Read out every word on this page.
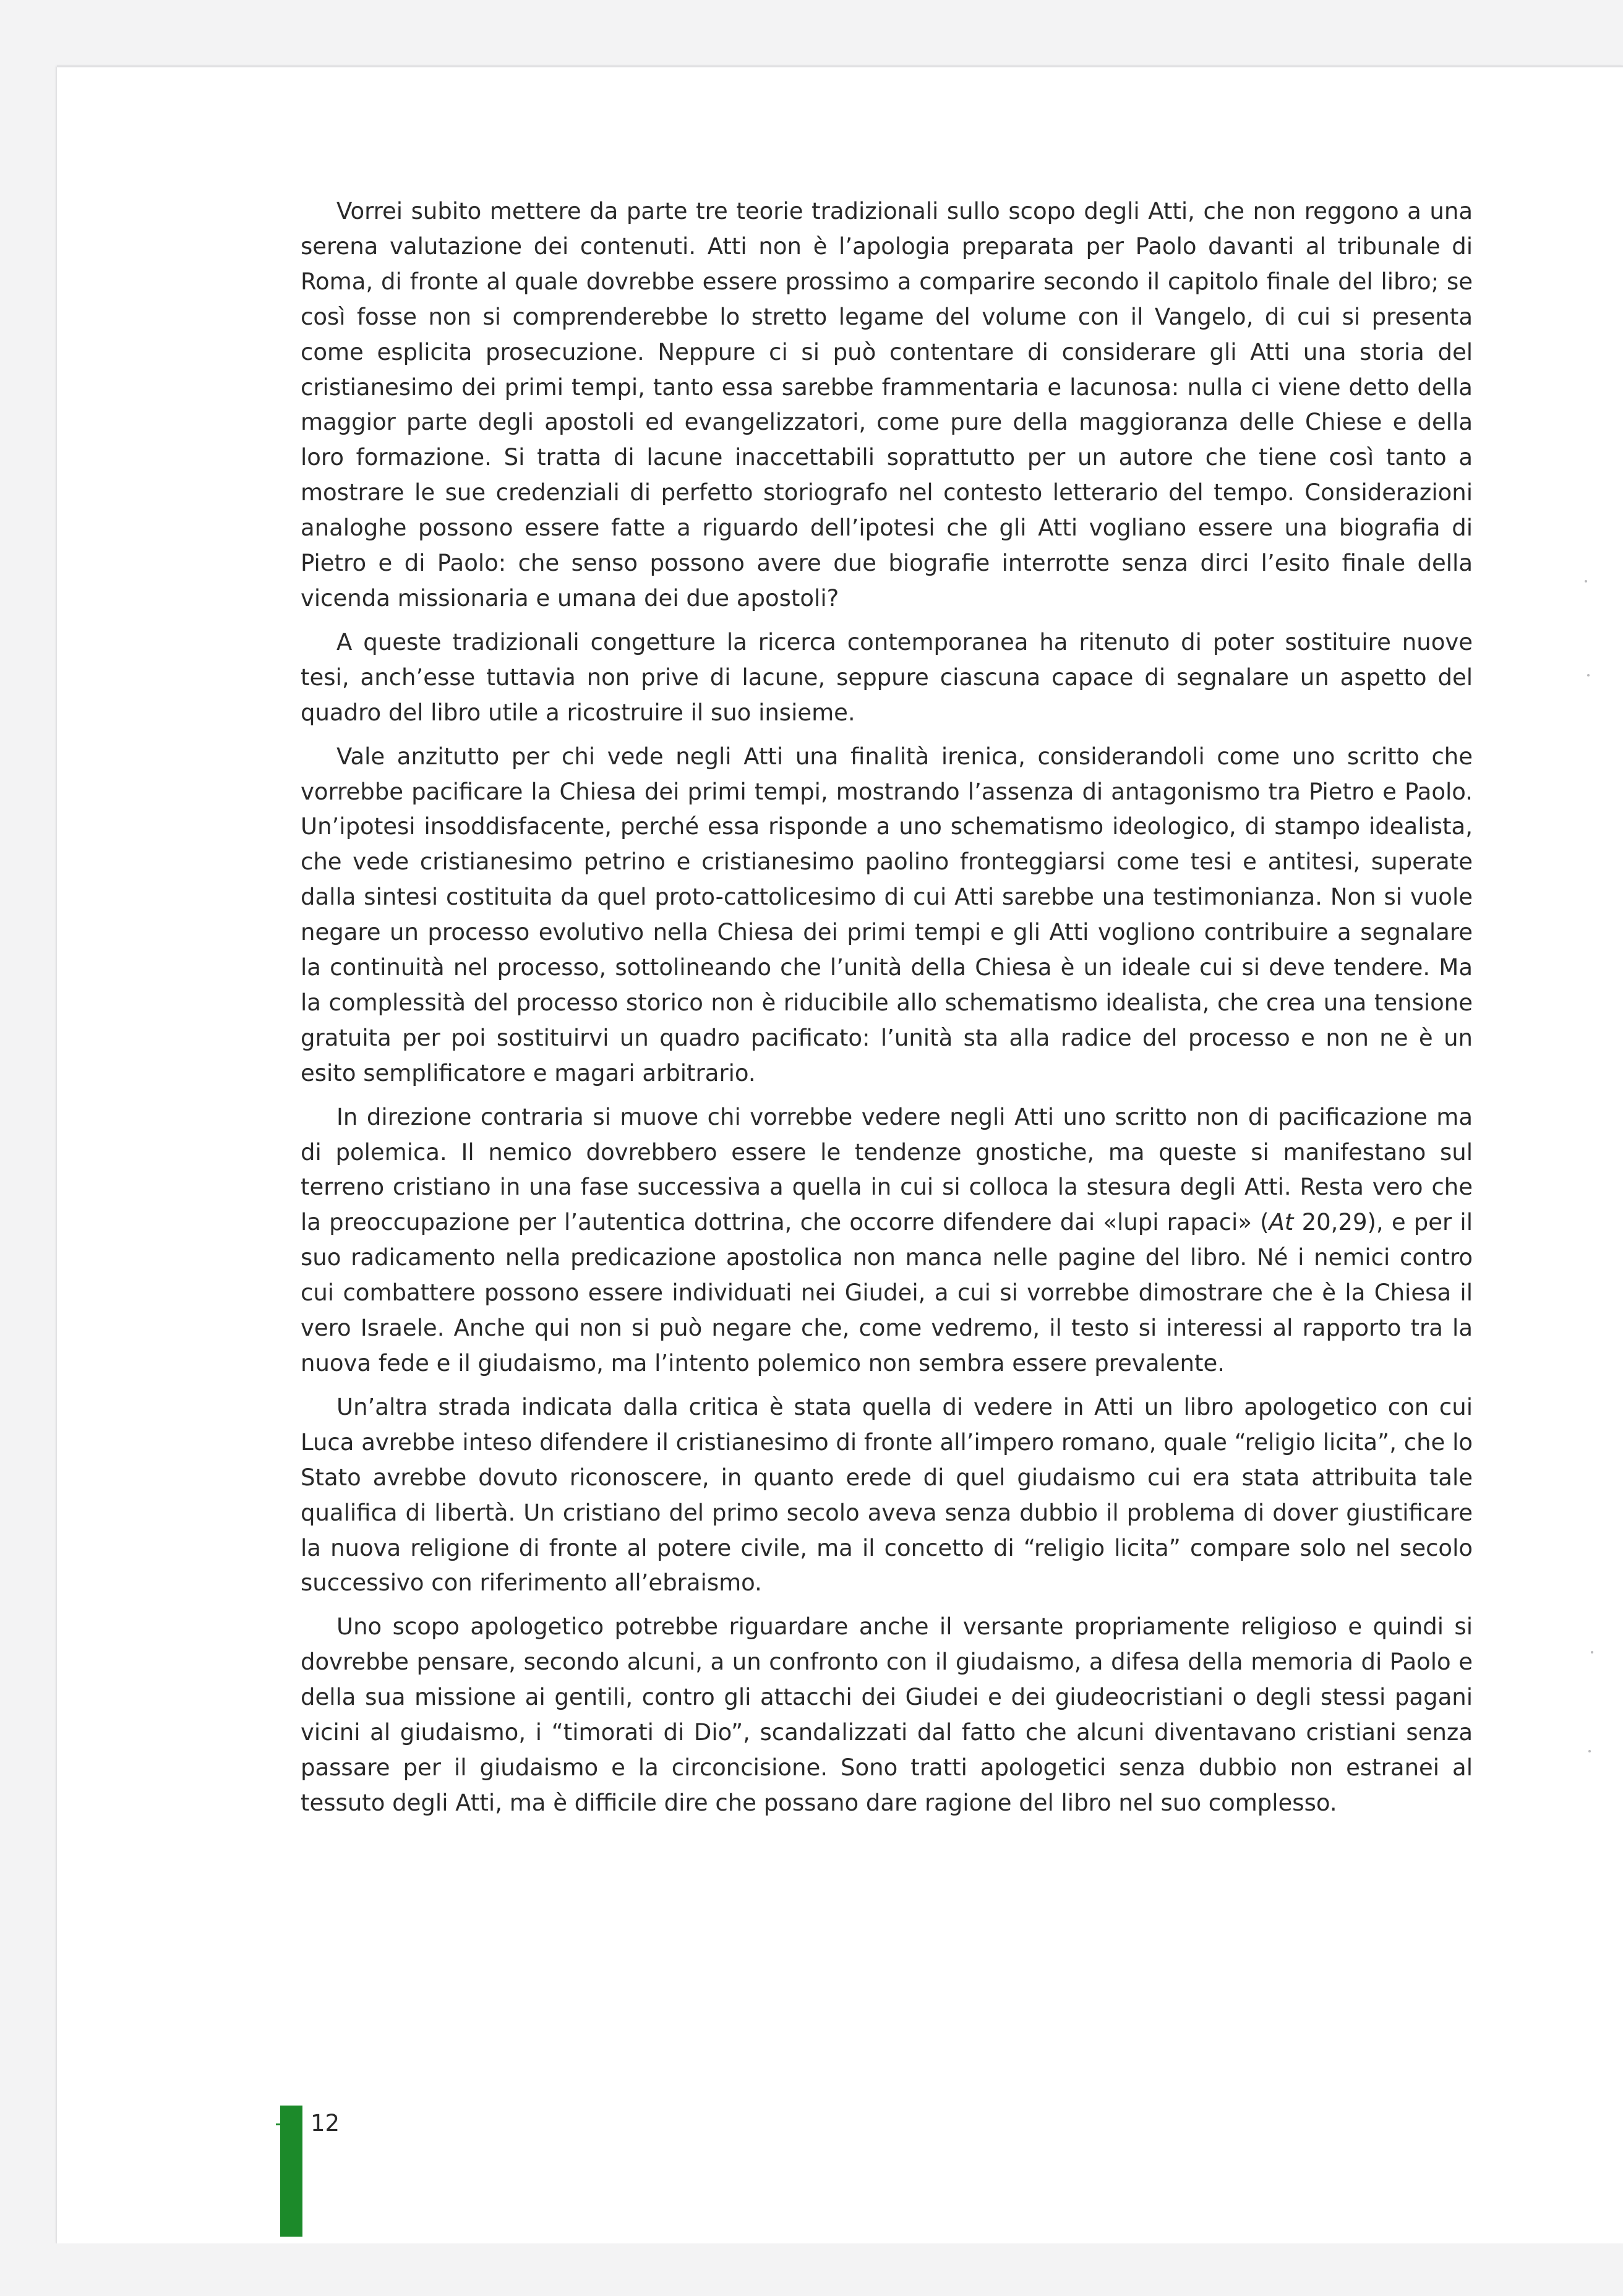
Vorrei subito mettere da parte tre teorie tradizionali sullo scopo degli Atti, che non reggono a una serena valutazione dei contenuti. Atti non è l’apologia preparata per Paolo davanti al tribunale di Roma, di fronte al quale dovrebbe essere prossimo a comparire secondo il capitolo finale del libro; se così fosse non si comprenderebbe lo stretto legame del volume con il Vangelo, di cui si presenta come esplicita prosecuzione. Neppure ci si può contentare di considerare gli Atti una storia del cristianesimo dei primi tempi, tanto essa sarebbe frammentaria e lacunosa: nulla ci viene detto della maggior parte degli apostoli ed evangelizzatori, come pure della maggioranza delle Chiese e della loro formazione. Si tratta di lacune inaccettabili soprattutto per un autore che tiene così tanto a mostrare le sue credenziali di perfetto storiografo nel contesto letterario del tempo. Considerazioni analoghe possono essere fatte a riguardo dell’ipotesi che gli Atti vogliano essere una biografia di Pietro e di Paolo: che senso possono avere due biografie interrotte senza dirci l’esito finale della vicenda missionaria e umana dei due apostoli?

A queste tradizionali congetture la ricerca contemporanea ha ritenuto di poter sostituire nuove tesi, anch’esse tuttavia non prive di lacune, seppure ciascuna capace di segnalare un aspetto del quadro del libro utile a ricostruire il suo insieme.

Vale anzitutto per chi vede negli Atti una finalità irenica, considerandoli come uno scritto che vorrebbe pacificare la Chiesa dei primi tempi, mostrando l’assenza di antagonismo tra Pietro e Paolo. Un’ipotesi insoddisfacente, perché essa risponde a uno schematismo ideologico, di stampo idealista, che vede cristianesimo petrino e cristianesimo paolino fronteggiarsi come tesi e antitesi, superate dalla sintesi costituita da quel proto-cattolicesimo di cui Atti sarebbe una testimonianza. Non si vuole negare un processo evolutivo nella Chiesa dei primi tempi e gli Atti vogliono contribuire a segnalare la continuità nel processo, sottolineando che l’unità della Chiesa è un ideale cui si deve tendere. Ma la complessità del processo storico non è riducibile allo schematismo idealista, che crea una tensione gratuita per poi sostituirvi un quadro pacificato: l’unità sta alla radice del processo e non ne è un esito semplificatore e magari arbitrario.

In direzione contraria si muove chi vorrebbe vedere negli Atti uno scritto non di pacificazione ma di polemica. Il nemico dovrebbero essere le tendenze gnostiche, ma queste si manifestano sul terreno cristiano in una fase successiva a quella in cui si colloca la stesura degli Atti. Resta vero che la preoccupazione per l’autentica dottrina, che occorre difendere dai «lupi rapaci» (At 20,29), e per il suo radicamento nella predicazione apostolica non manca nelle pagine del libro. Né i nemici contro cui combattere possono essere individuati nei Giudei, a cui si vorrebbe dimostrare che è la Chiesa il vero Israele. Anche qui non si può negare che, come vedremo, il testo si interessi al rapporto tra la nuova fede e il giudaismo, ma l’intento polemico non sembra essere prevalente.

Un’altra strada indicata dalla critica è stata quella di vedere in Atti un libro apologetico con cui Luca avrebbe inteso difendere il cristianesimo di fronte all’impero romano, quale “religio licita”, che lo Stato avrebbe dovuto riconoscere, in quanto erede di quel giudaismo cui era stata attribuita tale qualifica di libertà. Un cristiano del primo secolo aveva senza dubbio il problema di dover giustificare la nuova religione di fronte al potere civile, ma il concetto di “religio licita” compare solo nel secolo successivo con riferimento all’ebraismo.

Uno scopo apologetico potrebbe riguardare anche il versante propriamente religioso e quindi si dovrebbe pensare, secondo alcuni, a un confronto con il giudaismo, a difesa della memoria di Paolo e della sua missione ai gentili, contro gli attacchi dei Giudei e dei giudeocristiani o degli stessi pagani vicini al giudaismo, i “timorati di Dio”, scandalizzati dal fatto che alcuni diventavano cristiani senza passare per il giudaismo e la circoncisione. Sono tratti apologetici senza dubbio non estranei al tessuto degli Atti, ma è difficile dire che possano dare ragione del libro nel suo complesso.

12
